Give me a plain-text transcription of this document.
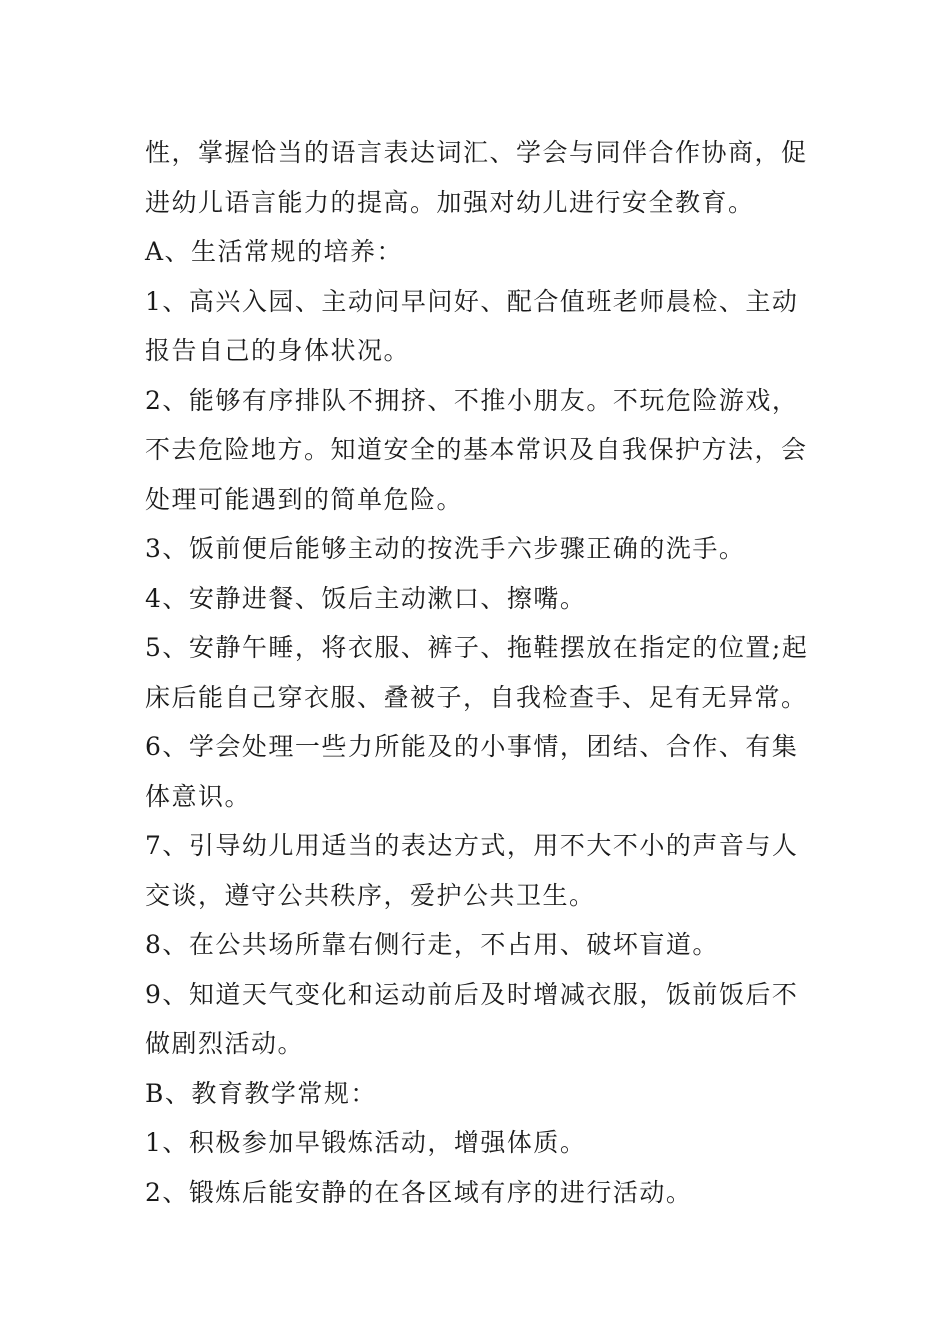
性，掌握恰当的语言表达词汇、学会与同伴合作协商，促进幼儿语言能力的提高。加强对幼儿进行安全教育。

A、生活常规的培养：

1、高兴入园、主动问早问好、配合值班老师晨检、主动报告自己的身体状况。

2、能够有序排队不拥挤、不推小朋友。不玩危险游戏，不去危险地方。知道安全的基本常识及自我保护方法，会处理可能遇到的简单危险。

3、饭前便后能够主动的按洗手六步骤正确的洗手。

4、安静进餐、饭后主动漱口、擦嘴。

5、安静午睡，将衣服、裤子、拖鞋摆放在指定的位置;起床后能自己穿衣服、叠被子，自我检查手、足有无异常。

6、学会处理一些力所能及的小事情，团结、合作、有集体意识。

7、引导幼儿用适当的表达方式，用不大不小的声音与人交谈，遵守公共秩序，爱护公共卫生。

8、在公共场所靠右侧行走，不占用、破坏盲道。

9、知道天气变化和运动前后及时增减衣服，饭前饭后不做剧烈活动。

B、教育教学常规：

1、积极参加早锻炼活动，增强体质。

2、锻炼后能安静的在各区域有序的进行活动。
